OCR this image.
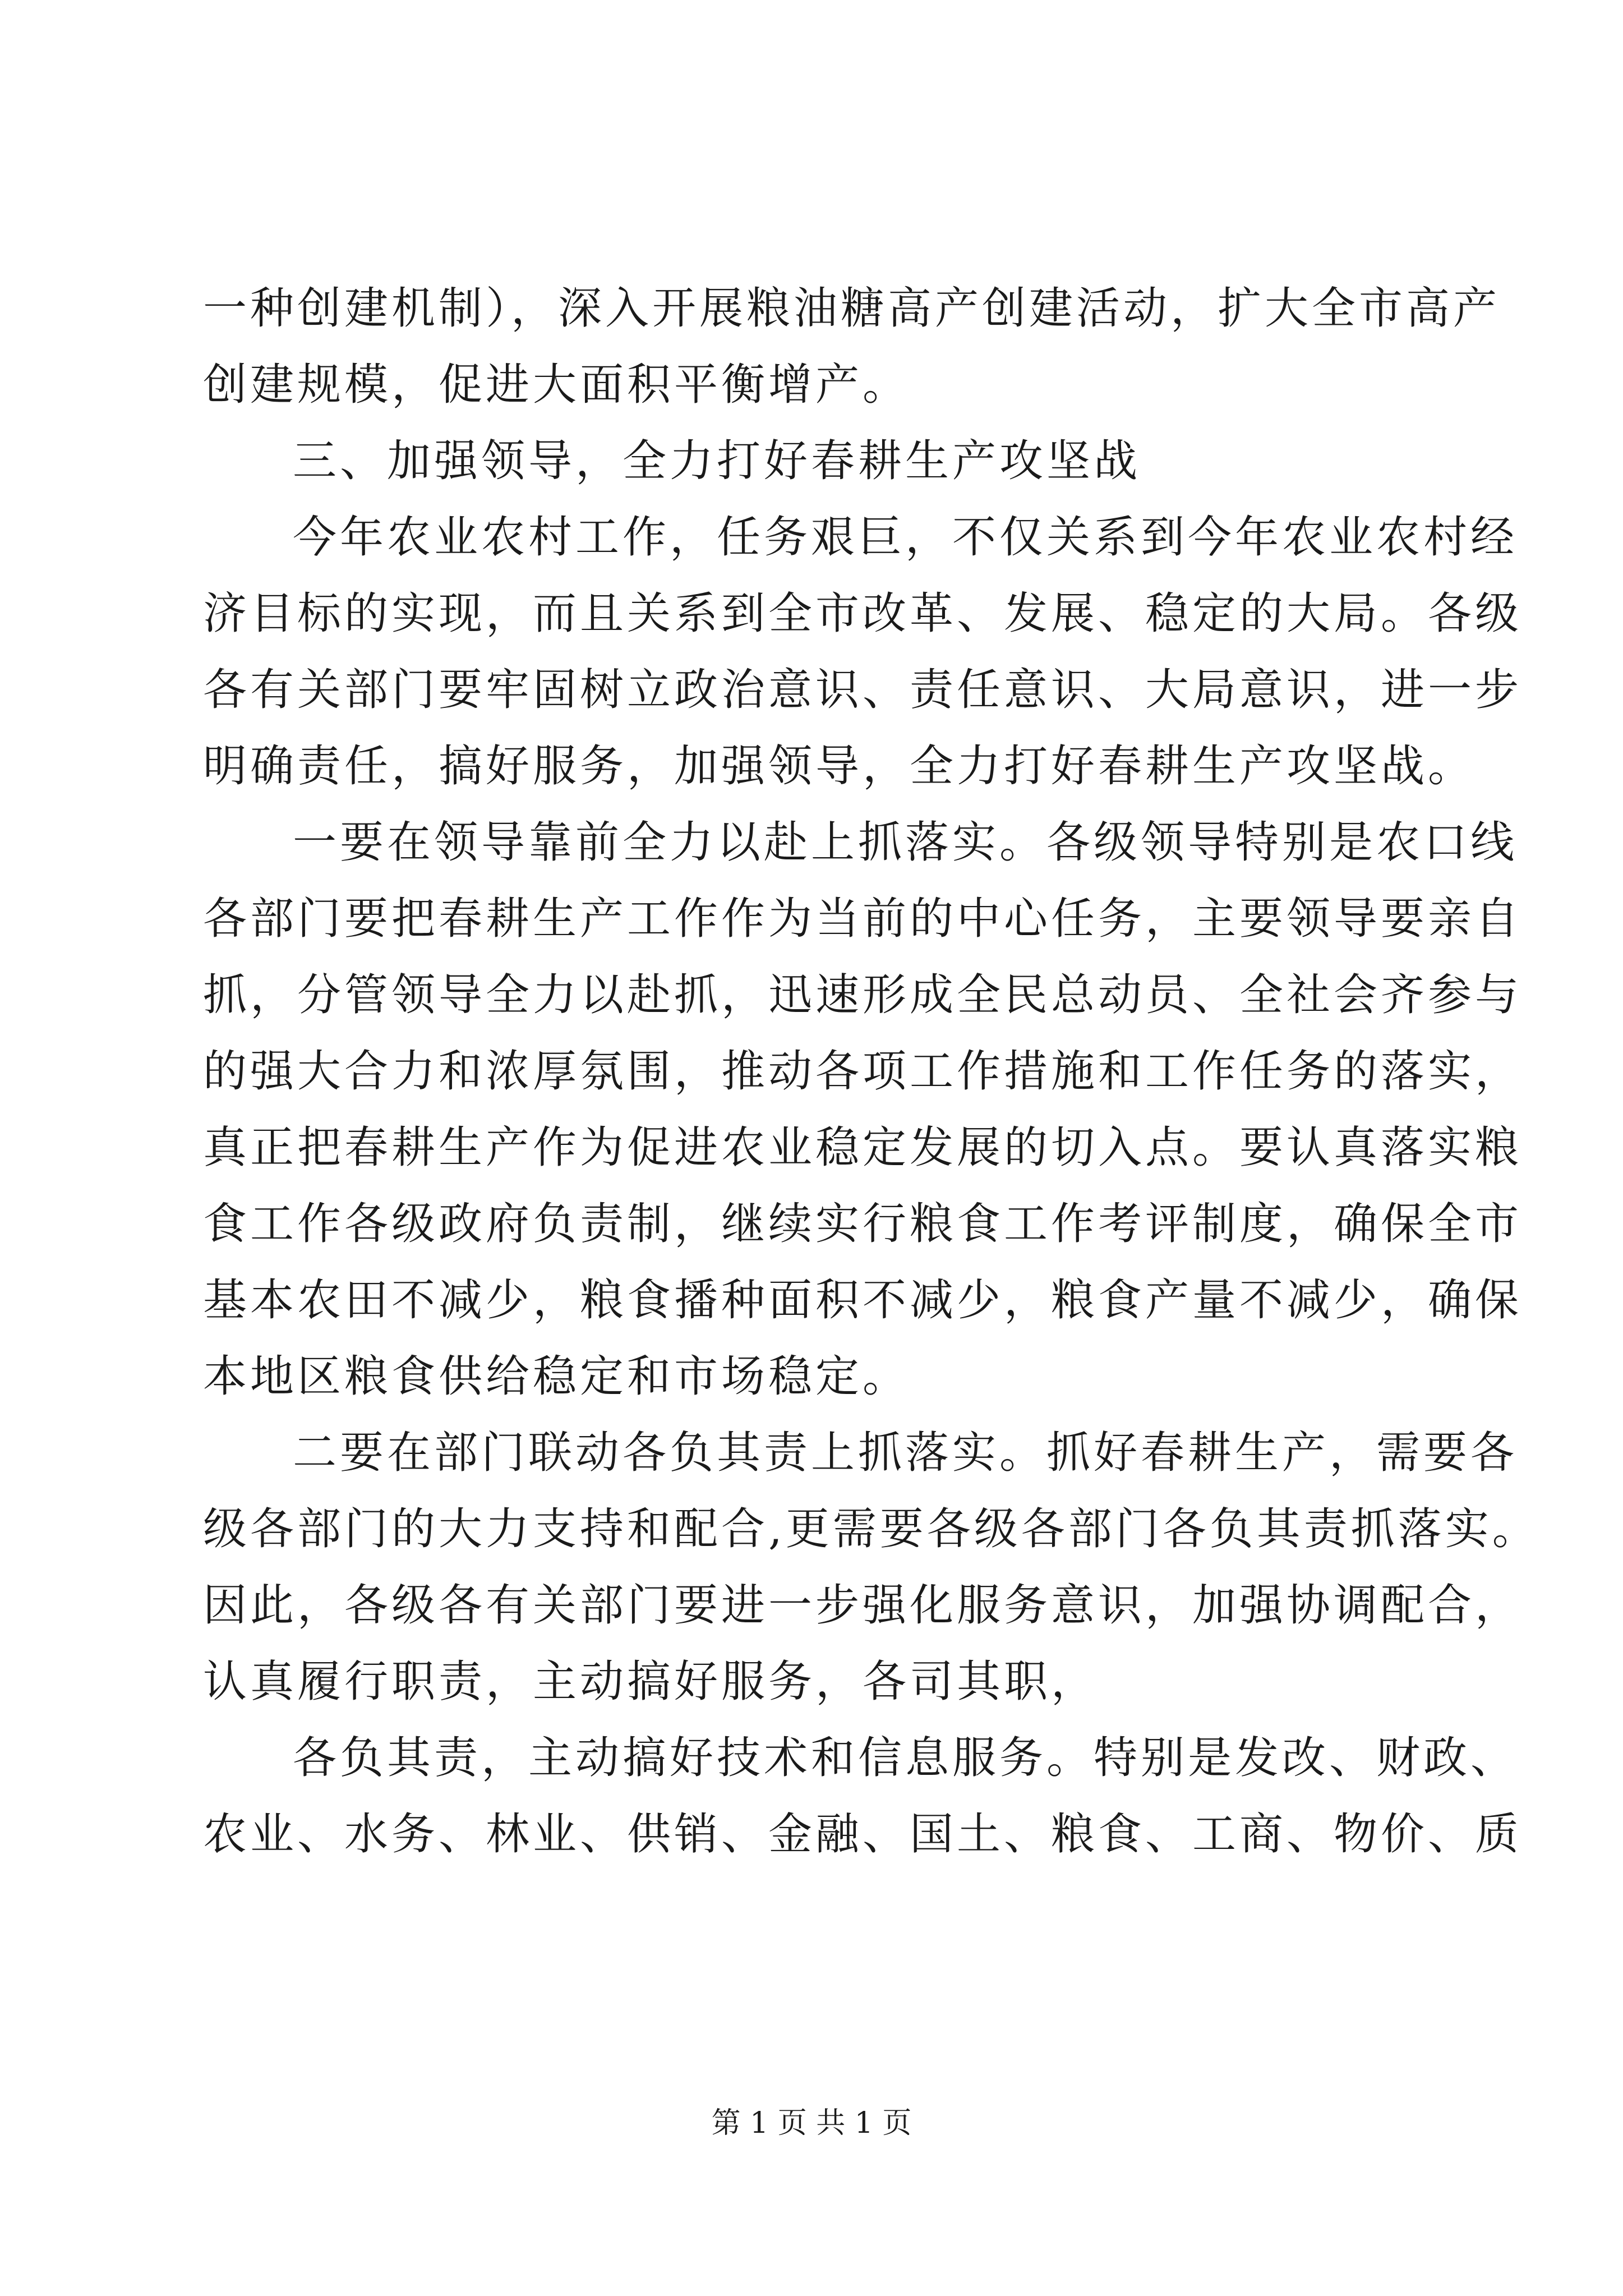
一种创建机制），深入开展粮油糖高产创建活动，扩大全市高产
创建规模，促进大面积平衡增产。
三、加强领导，全力打好春耕生产攻坚战
今年农业农村工作，任务艰巨，不仅关系到今年农业农村经
济目标的实现，而且关系到全市改革、发展、稳定的大局。各级
各有关部门要牢固树立政治意识、责任意识、大局意识，进一步
明确责任，搞好服务，加强领导，全力打好春耕生产攻坚战。
一要在领导靠前全力以赴上抓落实。各级领导特别是农口线
各部门要把春耕生产工作作为当前的中心任务，主要领导要亲自
抓，分管领导全力以赴抓，迅速形成全民总动员、全社会齐参与
的强大合力和浓厚氛围，推动各项工作措施和工作任务的落实，
真正把春耕生产作为促进农业稳定发展的切入点。要认真落实粮
食工作各级政府负责制，继续实行粮食工作考评制度，确保全市
基本农田不减少，粮食播种面积不减少，粮食产量不减少，确保
本地区粮食供给稳定和市场稳定。
二要在部门联动各负其责上抓落实。抓好春耕生产，需要各
级各部门的大力支持和配合,更需要各级各部门各负其责抓落实。
因此，各级各有关部门要进一步强化服务意识，加强协调配合，
认真履行职责，主动搞好服务，各司其职，
各负其责，主动搞好技术和信息服务。特别是发改、财政、
农业、水务、林业、供销、金融、国土、粮食、工商、物价、质
第 1 页 共 1 页
